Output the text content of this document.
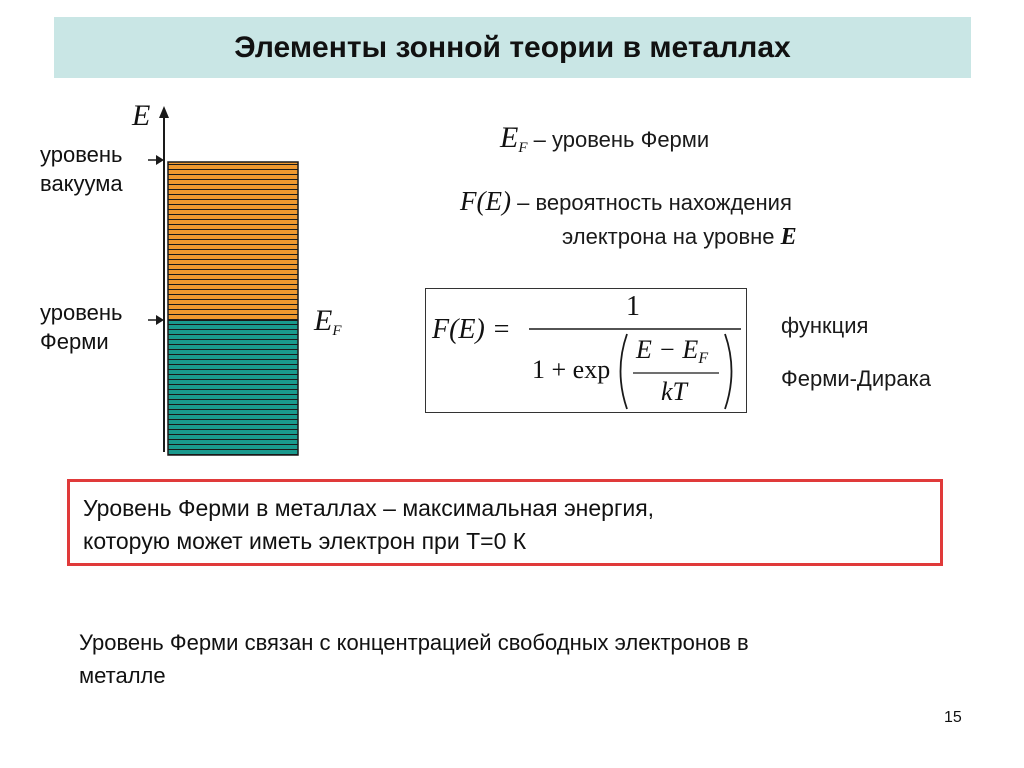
Элементы зонной теории в металлах
E
уровень
вакуума
уровень
Ферми
EF
$E_F$ – уровень Ферми
F(E) – вероятность нахождения
электрона на уровне E
F(E) =
1
1 + exp
E − EF
kT
функция
Ферми-Дирака
Уровень Ферми в металлах – максимальная энергия,
которую может иметь электрон при Т=0 К
Уровень Ферми связан с концентрацией свободных электронов в
металле
15
